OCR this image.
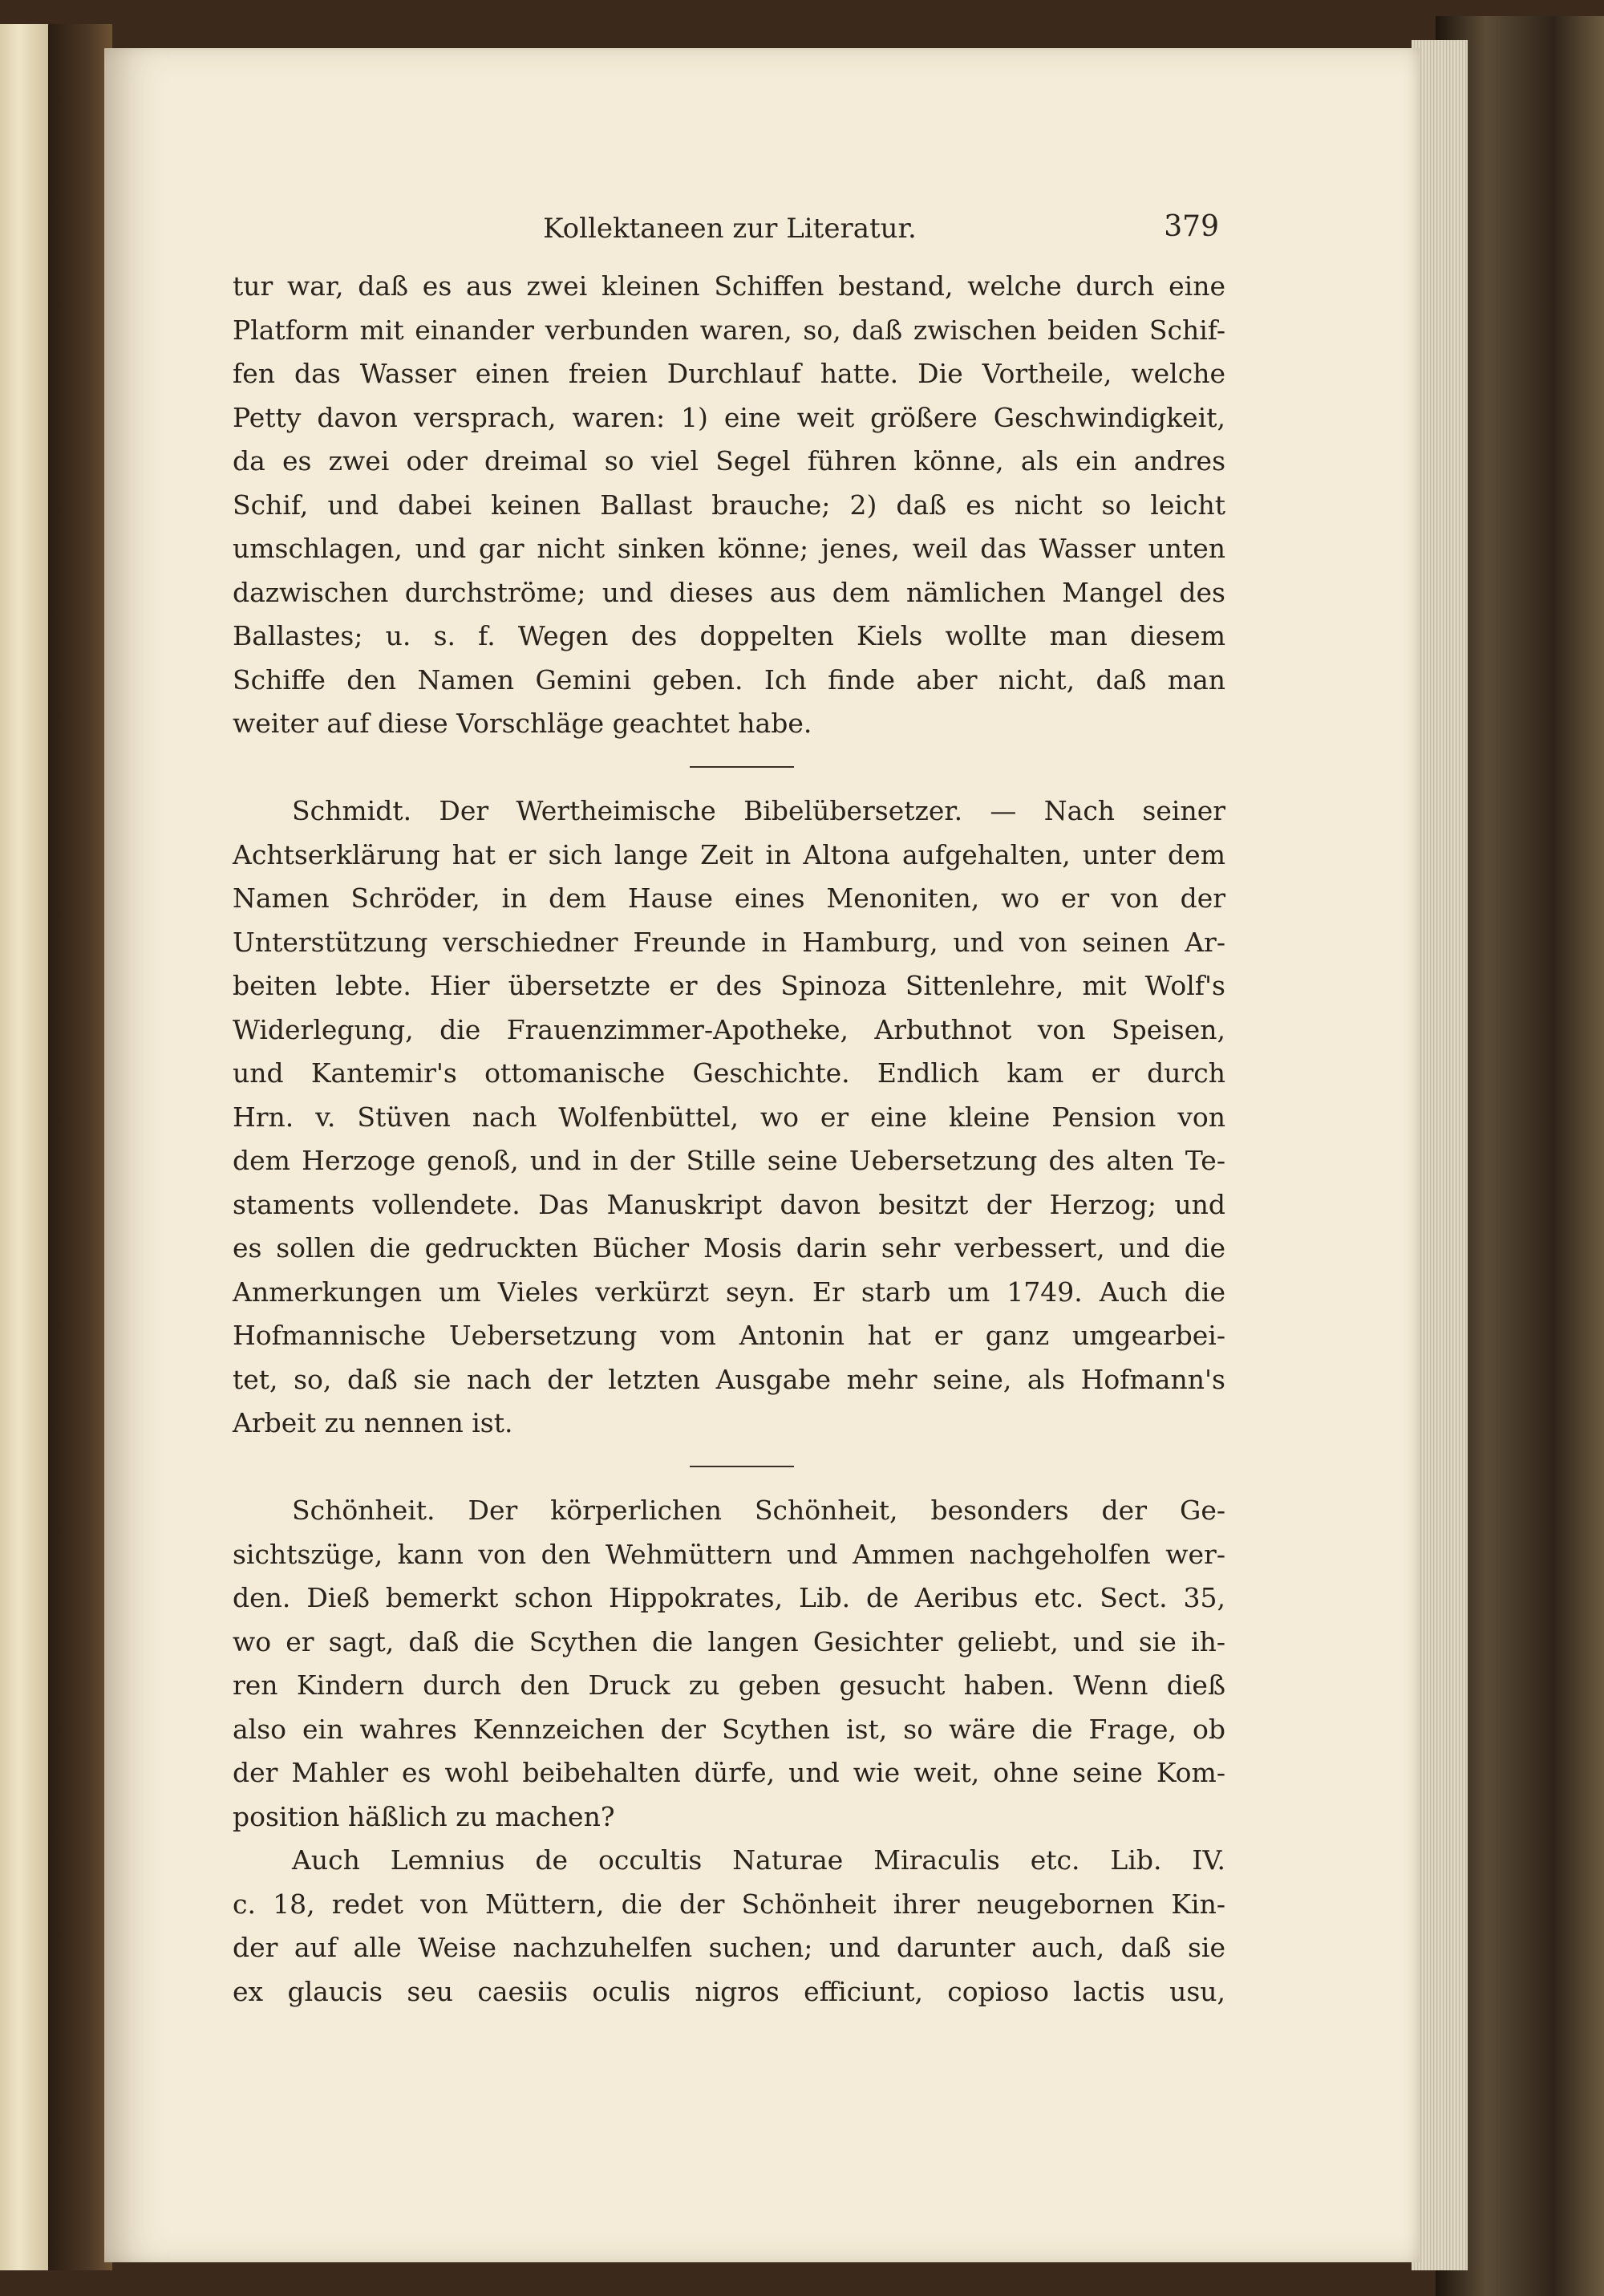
Kollektaneen zur Literatur.	379
tur war, daß es aus zwei kleinen Schiffen bestand, welche durch eine
Platform mit einander verbunden waren, so, daß zwischen beiden Schif-
fen das Wasser einen freien Durchlauf hatte. Die Vortheile, welche
Petty davon versprach, waren: 1) eine weit größere Geschwindigkeit,
da es zwei oder dreimal so viel Segel führen könne, als ein andres
Schif, und dabei keinen Ballast brauche; 2) daß es nicht so leicht
umschlagen, und gar nicht sinken könne; jenes, weil das Wasser unten
dazwischen durchströme; und dieses aus dem nämlichen Mangel des
Ballastes; u. s. f. Wegen des doppelten Kiels wollte man diesem
Schiffe den Namen Gemini geben. Ich finde aber nicht, daß man
weiter auf diese Vorschläge geachtet habe.
Schmidt. Der Wertheimische Bibelübersetzer. — Nach seiner
Achtserklärung hat er sich lange Zeit in Altona aufgehalten, unter dem
Namen Schröder, in dem Hause eines Menoniten, wo er von der
Unterstützung verschiedner Freunde in Hamburg, und von seinen Ar-
beiten lebte. Hier übersetzte er des Spinoza Sittenlehre, mit Wolf's
Widerlegung, die Frauenzimmer-Apotheke, Arbuthnot von Speisen,
und Kantemir's ottomanische Geschichte. Endlich kam er durch
Hrn. v. Stüven nach Wolfenbüttel, wo er eine kleine Pension von
dem Herzoge genoß, und in der Stille seine Uebersetzung des alten Te-
staments vollendete. Das Manuskript davon besitzt der Herzog; und
es sollen die gedruckten Bücher Mosis darin sehr verbessert, und die
Anmerkungen um Vieles verkürzt seyn. Er starb um 1749. Auch die
Hofmannische Uebersetzung vom Antonin hat er ganz umgearbei-
tet, so, daß sie nach der letzten Ausgabe mehr seine, als Hofmann's
Arbeit zu nennen ist.
Schönheit. Der körperlichen Schönheit, besonders der Ge-
sichtszüge, kann von den Wehmüttern und Ammen nachgeholfen wer-
den. Dieß bemerkt schon Hippokrates, Lib. de Aeribus etc. Sect. 35,
wo er sagt, daß die Scythen die langen Gesichter geliebt, und sie ih-
ren Kindern durch den Druck zu geben gesucht haben. Wenn dieß
also ein wahres Kennzeichen der Scythen ist, so wäre die Frage, ob
der Mahler es wohl beibehalten dürfe, und wie weit, ohne seine Kom-
position häßlich zu machen?
Auch Lemnius de occultis Naturae Miraculis etc. Lib. IV.
c. 18, redet von Müttern, die der Schönheit ihrer neugebornen Kin-
der auf alle Weise nachzuhelfen suchen; und darunter auch, daß sie
ex glaucis seu caesiis oculis nigros efficiunt, copioso lactis usu,
